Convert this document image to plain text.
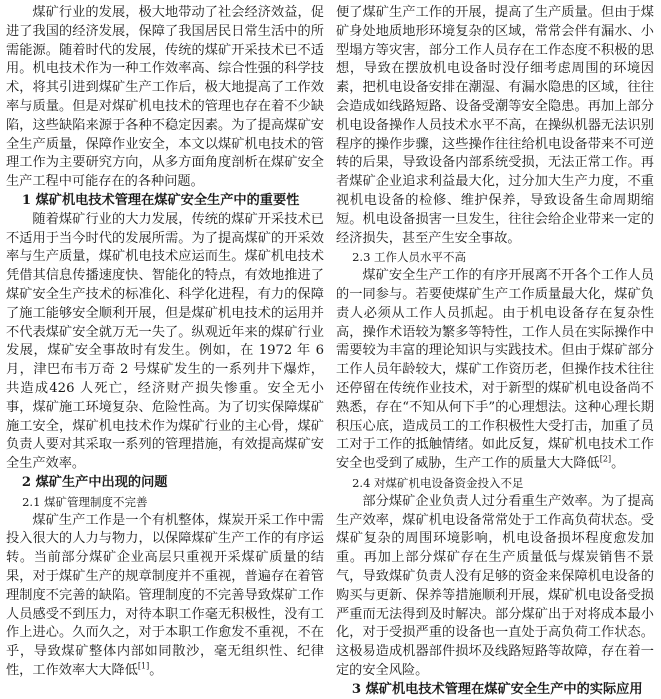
煤矿行业的发展，极大地带动了社会经济效益，促进了我国的经济发展，保障了我国居民日常生活中的所需能源。随着时代的发展，传统的煤矿开采技术已不适用。机电技术作为一种工作效率高、综合性强的科学技术，将其引进到煤矿生产工作后，极大地提高了工作效率与质量。但是对煤矿机电技术的管理也存在着不少缺陷，这些缺陷来源于各种不稳定因素。为了提高煤矿安全生产质量，保障作业安全，本文以煤矿机电技术的管理工作为主要研究方向，从多方面角度剖析在煤矿安全生产工程中可能存在的各种问题。

1 煤矿机电技术管理在煤矿安全生产中的重要性

随着煤矿行业的大力发展，传统的煤矿开采技术已不适用于当今时代的发展所需。为了提高煤矿的开采效率与生产质量，煤矿机电技术应运而生。煤矿机电技术凭借其信息传播速度快、智能化的特点，有效地推进了煤矿安全生产技术的标准化、科学化进程，有力的保障了施工能够安全顺利开展，但是煤矿机电技术的运用并不代表煤矿安全就万无一失了。纵观近年来的煤矿行业发展，煤矿安全事故时有发生。例如，在 1972 年 6 月，津巴布韦万奇 2 号煤矿发生的一系列井下爆炸，共造成426 人死亡，经济财产损失惨重。安全无小事，煤矿施工环境复杂、危险性高。为了切实保障煤矿施工安全，煤矿机电技术作为煤矿行业的主心骨，煤矿负责人要对其采取一系列的管理措施，有效提高煤矿安全生产效率。

2 煤矿生产中出现的问题
2.1 煤矿管理制度不完善

煤矿生产工作是一个有机整体，煤炭开采工作中需投入很大的人力与物力，以保障煤矿生产工作的有序运转。当前部分煤矿企业高层只重视开采煤矿质量的结果，对于煤矿生产的规章制度并不重视，普遍存在着管理制度不完善的缺陷。管理制度的不完善导致煤矿工作人员感受不到压力，对待本职工作毫无积极性，没有工作上进心。久而久之，对于本职工作愈发不重视，不在乎，导致煤矿整体内部如同散沙，毫无组织性、纪律性，工作效率大大降低[1]。

便了煤矿生产工作的开展，提高了生产质量。但由于煤矿身处地质地形环境复杂的区域，常常会伴有漏水、小型塌方等灾害，部分工作人员存在工作态度不积极的思想，导致在摆放机电设备时没仔细考虑周围的环境因素，把机电设备安排在潮湿、有漏水隐患的区域，往往会造成如线路短路、设备受潮等安全隐患。再加上部分机电设备操作人员技术水平不高，在操纵机器无法识别程序的操作步骤，这些操作往往给机电设备带来不可逆转的后果，导致设备内部系统受损，无法正常工作。再者煤矿企业追求利益最大化，过分加大生产力度，不重视机电设备的检修、维护保养，导致设备生命周期缩短。机电设备损害一旦发生，往往会给企业带来一定的经济损失，甚至产生安全事故。

2.3 工作人员水平不高

煤矿安全生产工作的有序开展离不开各个工作人员的一同参与。若要使煤矿生产工作质量最大化，煤矿负责人必须从工作人员抓起。由于机电设备存在复杂性高，操作术语较为繁多等特性，工作人员在实际操作中需要较为丰富的理论知识与实践技术。但由于煤矿部分工作人员年龄较大，煤矿工作资历老，但操作技术往往还停留在传统作业技术，对于新型的煤矿机电设备尚不熟悉，存在“不知从何下手”的心理想法。这种心理长期积压心底，造成员工的工作积极性大受打击，加重了员工对于工作的抵触情绪。如此反复，煤矿机电技术工作安全也受到了威胁，生产工作的质量大大降低[2]。

2.4 对煤矿机电设备资金投入不足

部分煤矿企业负责人过分看重生产效率。为了提高生产效率，煤矿机电设备常常处于工作高负荷状态。受煤矿复杂的周围环境影响，机电设备损坏程度愈发加重。再加上部分煤矿存在生产质量低与煤炭销售不景气，导致煤矿负责人没有足够的资金来保障机电设备的购买与更新、保养等措施顺利开展，煤矿机电设备受损严重而无法得到及时解决。部分煤矿出于对将成本最小化，对于受损严重的设备也一直处于高负荷工作状态。这极易造成机器部件损坏及线路短路等故障，存在着一定的安全风险。

3 煤矿机电技术管理在煤矿安全生产中的实际应用
